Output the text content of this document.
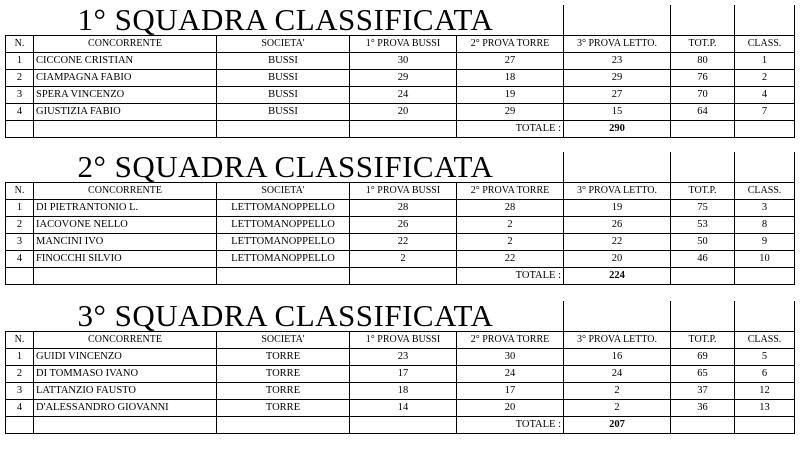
1° SQUADRA CLASSIFICATA							
N.	CONCORRENTE	SOCIETA'	1° PROVA BUSSI	2° PROVA TORRE	3° PROVA LETTO.	TOT.P.	CLASS.
1	CICCONE CRISTIAN	BUSSI	30	27	23	80	1
2	CIAMPAGNA FABIO	BUSSI	29	18	29	76	2
3	SPERA VINCENZO	BUSSI	24	19	27	70	4
4	GIUSTIZIA FABIO	BUSSI	20	29	15	64	7
				TOTALE :	290		
2° SQUADRA CLASSIFICATA							
N.	CONCORRENTE	SOCIETA'	1° PROVA BUSSI	2° PROVA TORRE	3° PROVA LETTO.	TOT.P.	CLASS.
1	DI PIETRANTONIO L.	LETTOMANOPPELLO	28	28	19	75	3
2	IACOVONE NELLO	LETTOMANOPPELLO	26	2	26	53	8
3	MANCINI IVO	LETTOMANOPPELLO	22	2	22	50	9
4	FINOCCHI SILVIO	LETTOMANOPPELLO	2	22	20	46	10
				TOTALE :	224		
3° SQUADRA CLASSIFICATA							
N.	CONCORRENTE	SOCIETA'	1° PROVA BUSSI	2° PROVA TORRE	3° PROVA LETTO.	TOT.P.	CLASS.
1	GUIDI VINCENZO	TORRE	23	30	16	69	5
2	DI TOMMASO IVANO	TORRE	17	24	24	65	6
3	LATTANZIO FAUSTO	TORRE	18	17	2	37	12
4	D'ALESSANDRO GIOVANNI	TORRE	14	20	2	36	13
				TOTALE :	207		
